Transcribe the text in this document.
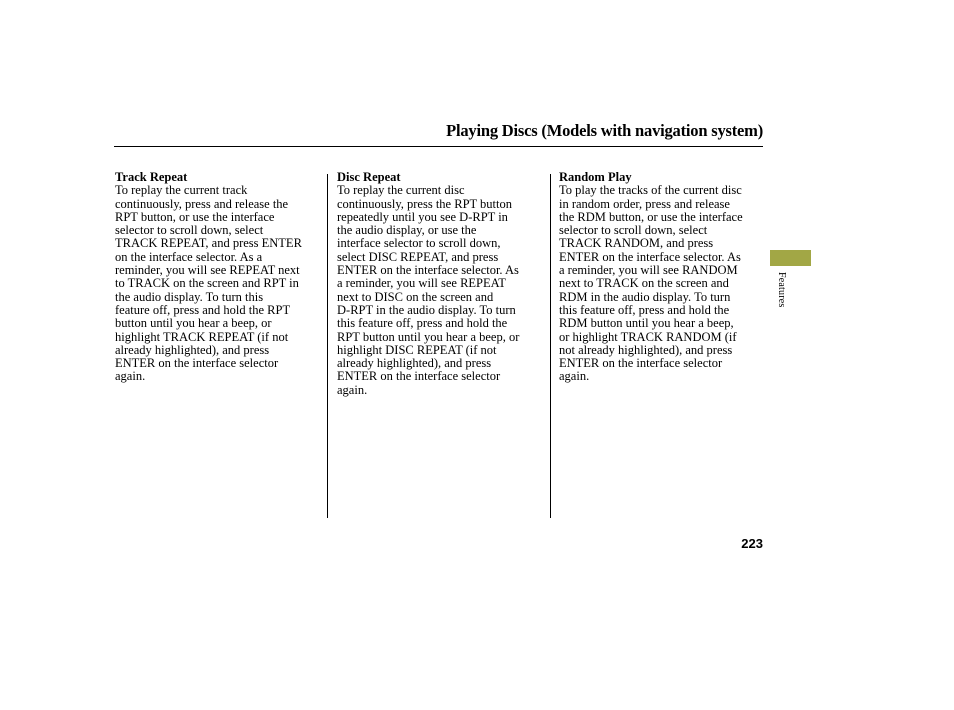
Playing Discs (Models with navigation system)
Track Repeat
To replay the current track
continuously, press and release the
RPT button, or use the interface
selector to scroll down, select
TRACK REPEAT, and press ENTER
on the interface selector. As a
reminder, you will see REPEAT next
to TRACK on the screen and RPT in
the audio display. To turn this
feature off, press and hold the RPT
button until you hear a beep, or
highlight TRACK REPEAT (if not
already highlighted), and press
ENTER on the interface selector
again.
Disc Repeat
To replay the current disc
continuously, press the RPT button
repeatedly until you see D-RPT in
the audio display, or use the
interface selector to scroll down,
select DISC REPEAT, and press
ENTER on the interface selector. As
a reminder, you will see REPEAT
next to DISC on the screen and
D-RPT in the audio display. To turn
this feature off, press and hold the
RPT button until you hear a beep, or
highlight DISC REPEAT (if not
already highlighted), and press
ENTER on the interface selector
again.
Random Play
To play the tracks of the current disc
in random order, press and release
the RDM button, or use the interface
selector to scroll down, select
TRACK RANDOM, and press
ENTER on the interface selector. As
a reminder, you will see RANDOM
next to TRACK on the screen and
RDM in the audio display. To turn
this feature off, press and hold the
RDM button until you hear a beep,
or highlight TRACK RANDOM (if
not already highlighted), and press
ENTER on the interface selector
again.
Features
223
